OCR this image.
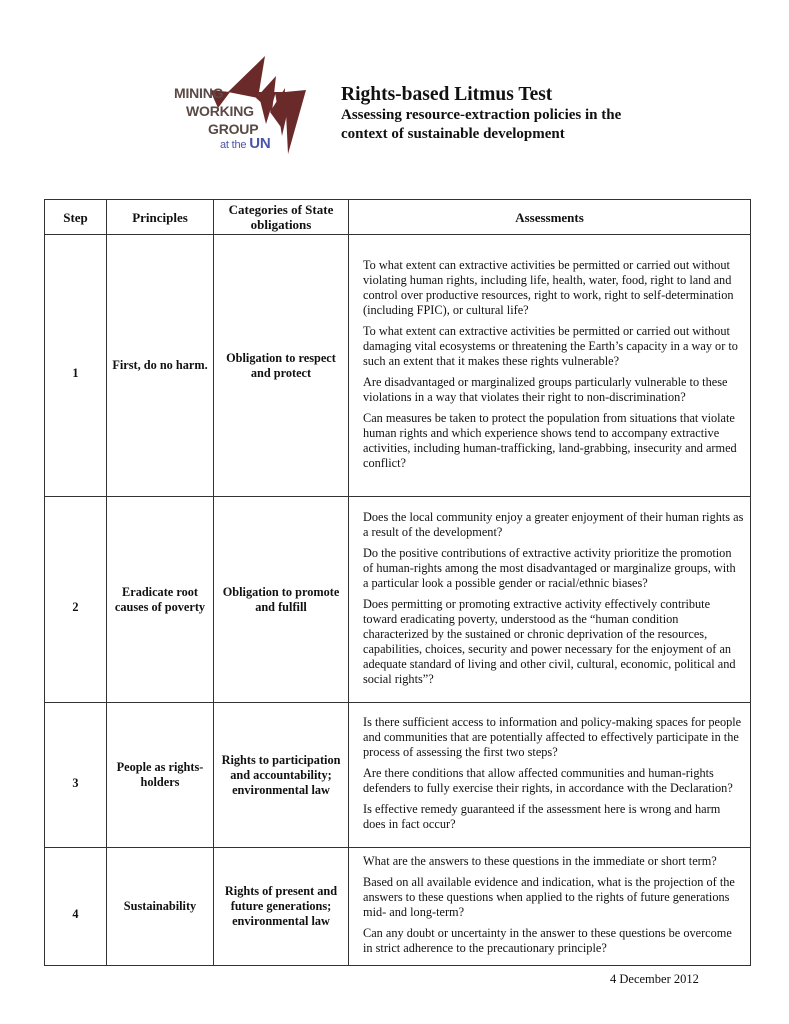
MINING
WORKING
GROUP
at the UN

Rights-based Litmus Test

Assessing resource-extraction policies in the

context of sustainable development

Step	Principles	Categories of State obligations	Assessments
1	First, do no harm.	Obligation to respect and protect	To what extent can extractive activities be permitted or carried out without violating human rights, including life, health, water, food, right to land and control over productive resources, right to work, right to self-determination (including FPIC), or cultural life?

To what extent can extractive activities be permitted or carried out without damaging vital ecosystems or threatening the Earth’s capacity in a way or to such an extent that it makes these rights vulnerable?

Are disadvantaged or marginalized groups particularly vulnerable to these violations in a way that violates their right to non-discrimination?

Can measures be taken to protect the population from situations that violate human rights and which experience shows tend to accompany extractive activities, including human-trafficking, land-grabbing, insecurity and armed conflict?

2	Eradicate root causes of poverty	Obligation to promote and fulfill	Does the local community enjoy a greater enjoyment of their human rights as a result of the development?

Do the positive contributions of extractive activity prioritize the promotion of human-rights among the most disadvantaged or marginalize groups, with a particular look a possible gender or racial/ethnic biases?

Does permitting or promoting extractive activity effectively contribute toward eradicating poverty, understood as the “human condition characterized by the sustained or chronic deprivation of the resources, capabilities, choices, security and power necessary for the enjoyment of an adequate standard of living and other civil, cultural, economic, political and social rights”?

3	People as rights-holders	Rights to participation and accountability; environmental law	Is there sufficient access to information and policy-making spaces for people and communities that are potentially affected to effectively participate in the process of assessing the first two steps?

Are there conditions that allow affected communities and human-rights defenders to fully exercise their rights, in accordance with the Declaration?

Is effective remedy guaranteed if the assessment here is wrong and harm does in fact occur?

4	Sustainability	Rights of present and future generations; environmental law	What are the answers to these questions in the immediate or short term?

Based on all available evidence and indication, what is the projection of the answers to these questions when applied to the rights of future generations mid- and long-term?

Can any doubt or uncertainty in the answer to these questions be overcome in strict adherence to the precautionary principle?

4 December 2012
